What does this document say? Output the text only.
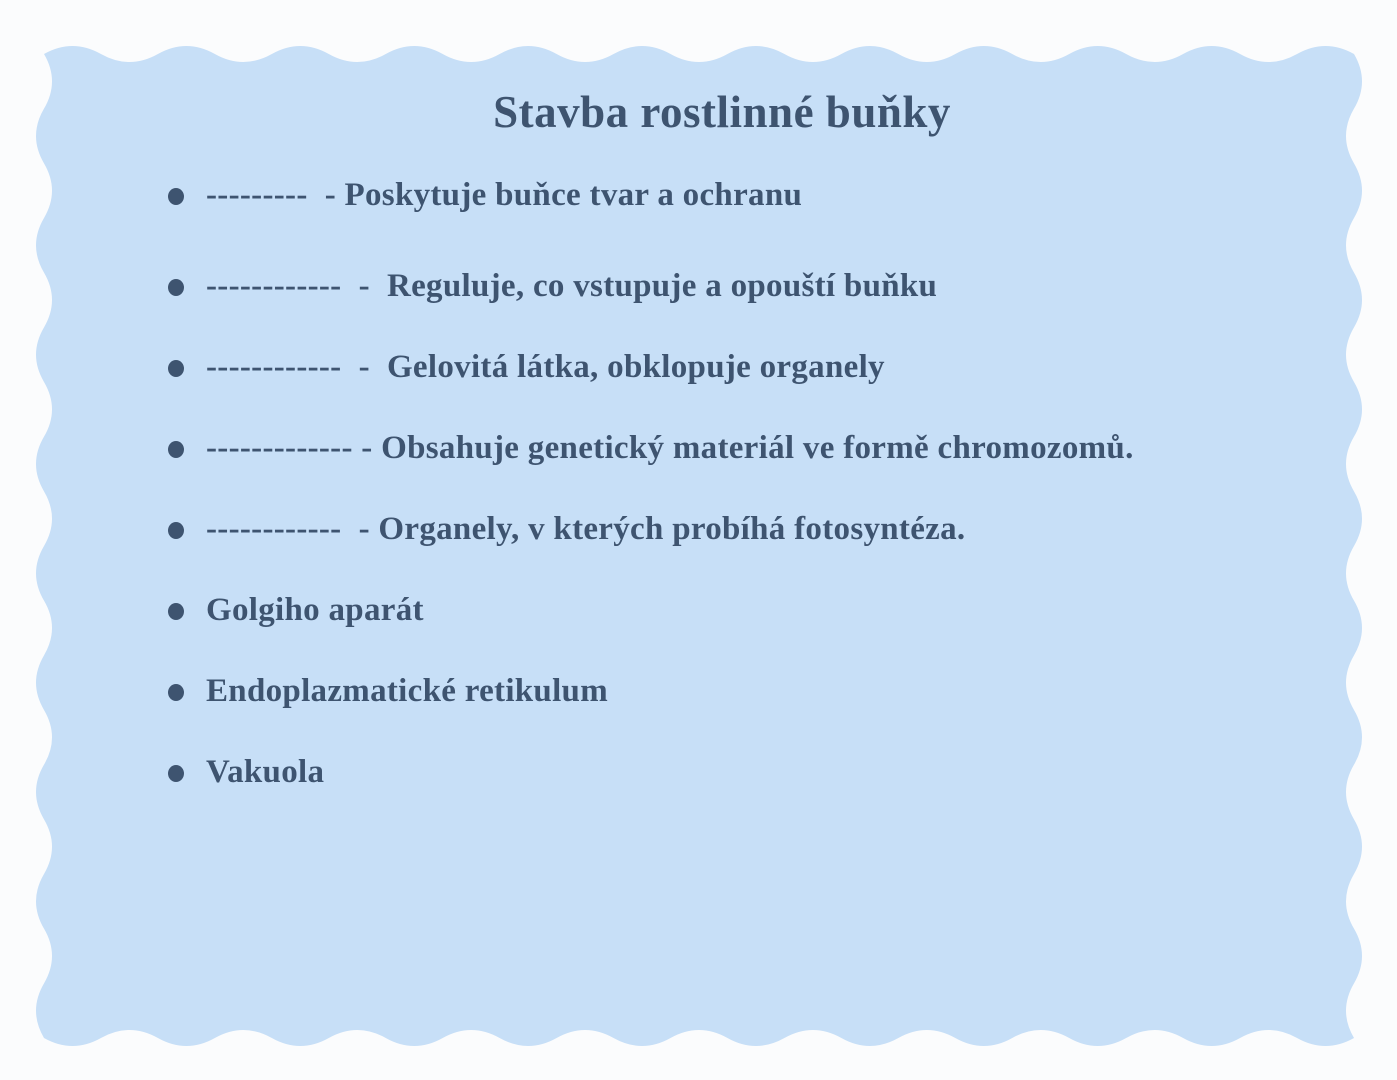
Stavba rostlinné buňky
---------  - Poskytuje buňce tvar a ochranu
------------  -  Reguluje, co vstupuje a opouští buňku
------------  -  Gelovitá látka, obklopuje organely
------------- - Obsahuje genetický materiál ve formě chromozomů.
------------  - Organely, v kterých probíhá fotosyntéza.
Golgiho aparát
Endoplazmatické retikulum
Vakuola
